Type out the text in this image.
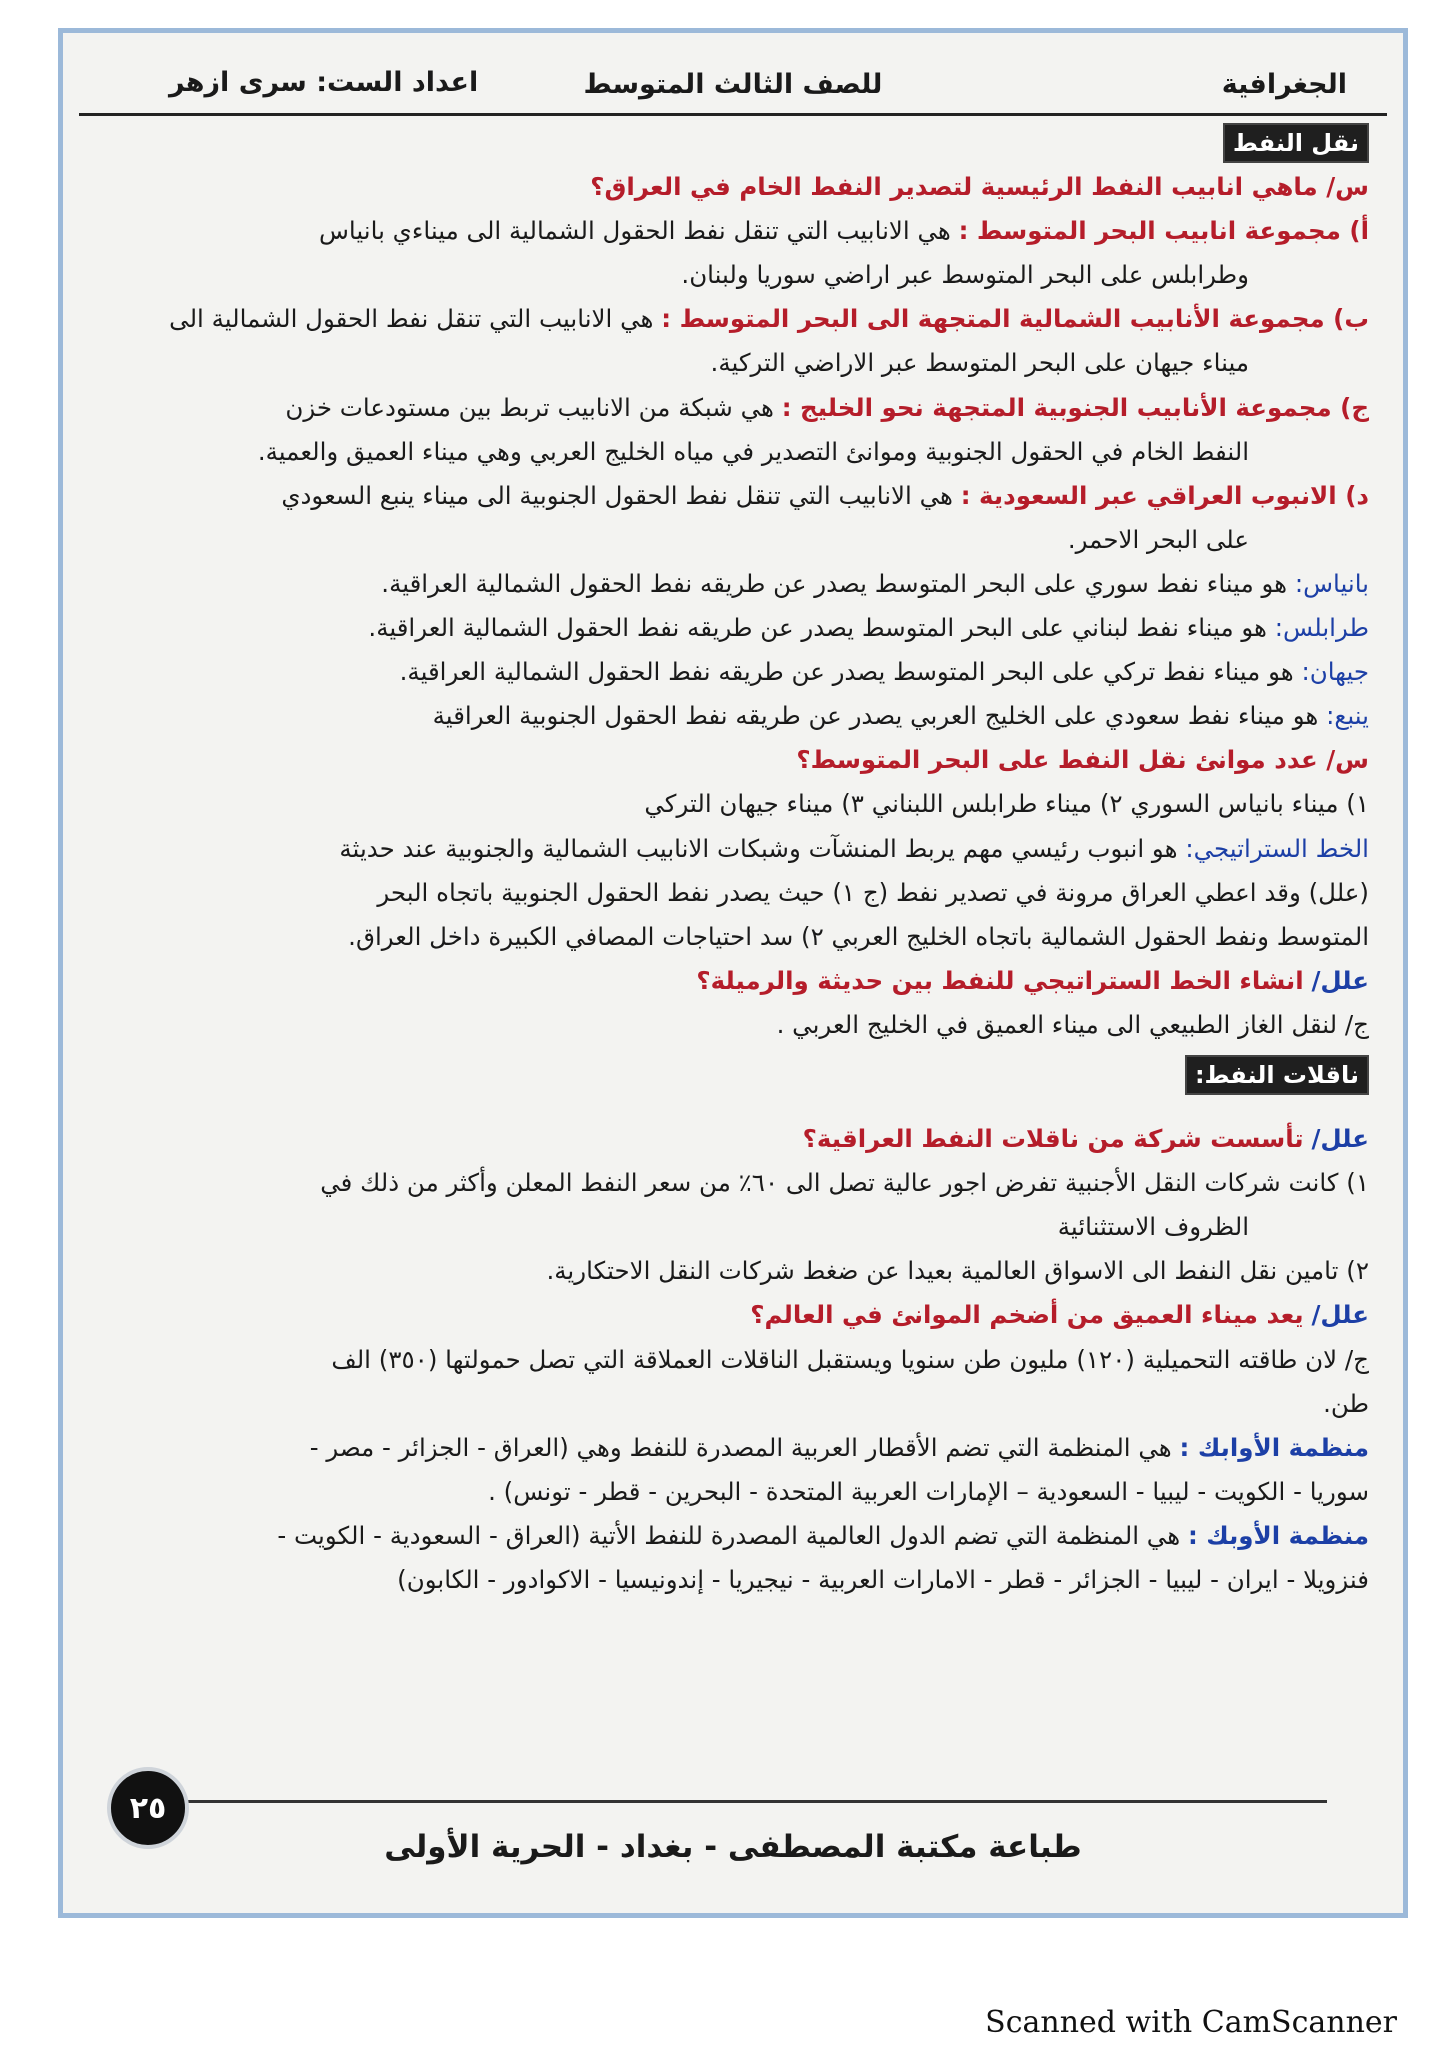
الجغرافية
للصف الثالث المتوسط
اعداد الست: سرى ازهر

نقل النفط

س/ ماهي انابيب النفط الرئيسية لتصدير النفط الخام في العراق؟

أ) مجموعة انابيب البحر المتوسط : هي الانابيب التي تنقل نفط الحقول الشمالية الى ميناءي بانياس

وطرابلس على البحر المتوسط عبر اراضي سوريا ولبنان.

ب) مجموعة الأنابيب الشمالية المتجهة الى البحر المتوسط : هي الانابيب التي تنقل نفط الحقول الشمالية الى

ميناء جيهان على البحر المتوسط عبر الاراضي التركية.

ج) مجموعة الأنابيب الجنوبية المتجهة نحو الخليج : هي شبكة من الانابيب تربط بين مستودعات خزن

النفط الخام في الحقول الجنوبية وموانئ التصدير في مياه الخليج العربي وهي ميناء العميق والعمية.

د) الانبوب العراقي عبر السعودية : هي الانابيب التي تنقل نفط الحقول الجنوبية الى ميناء ينبع السعودي

على البحر الاحمر.

بانياس: هو ميناء نفط سوري على البحر المتوسط يصدر عن طريقه نفط الحقول الشمالية العراقية.

طرابلس: هو ميناء نفط لبناني على البحر المتوسط يصدر عن طريقه نفط الحقول الشمالية العراقية.

جيهان: هو ميناء نفط تركي على البحر المتوسط يصدر عن طريقه نفط الحقول الشمالية العراقية.

ينبع: هو ميناء نفط سعودي على الخليج العربي يصدر عن طريقه نفط الحقول الجنوبية العراقية

س/ عدد موانئ نقل النفط على البحر المتوسط؟

١) ميناء بانياس السوري ٢) ميناء طرابلس اللبناني ٣) ميناء جيهان التركي

الخط الستراتيجي: هو انبوب رئيسي مهم يربط المنشآت وشبكات الانابيب الشمالية والجنوبية عند حديثة

(علل) وقد اعطي العراق مرونة في تصدير نفط (ج ١) حيث يصدر نفط الحقول الجنوبية باتجاه البحر

المتوسط ونفط الحقول الشمالية باتجاه الخليج العربي ٢) سد احتياجات المصافي الكبيرة داخل العراق.

علل/ انشاء الخط الستراتيجي للنفط بين حديثة والرميلة؟

ج/ لنقل الغاز الطبيعي الى ميناء العميق في الخليج العربي .

ناقلات النفط:

علل/ تأسست شركة من ناقلات النفط العراقية؟

١) كانت شركات النقل الأجنبية تفرض اجور عالية تصل الى ٦٠٪ من سعر النفط المعلن وأكثر من ذلك في

الظروف الاستثنائية

٢) تامين نقل النفط الى الاسواق العالمية بعيدا عن ضغط شركات النقل الاحتكارية.

علل/ يعد ميناء العميق من أضخم الموانئ في العالم؟

ج/ لان طاقته التحميلية (١٢٠) مليون طن سنويا ويستقبل الناقلات العملاقة التي تصل حمولتها (٣٥٠) الف

طن.

منظمة الأوابك : هي المنظمة التي تضم الأقطار العربية المصدرة للنفط وهي (العراق - الجزائر - مصر -

سوريا - الكويت - ليبيا - السعودية – الإمارات العربية المتحدة - البحرين - قطر - تونس) .

منظمة الأوبك : هي المنظمة التي تضم الدول العالمية المصدرة للنفط الأتية (العراق - السعودية - الكويت -

فنزويلا - ايران - ليبيا - الجزائر - قطر - الامارات العربية - نيجيريا - إندونيسيا - الاكوادور - الكابون)

٢٥
طباعة مكتبة المصطفى - بغداد - الحرية الأولى
Scanned with CamScanner
